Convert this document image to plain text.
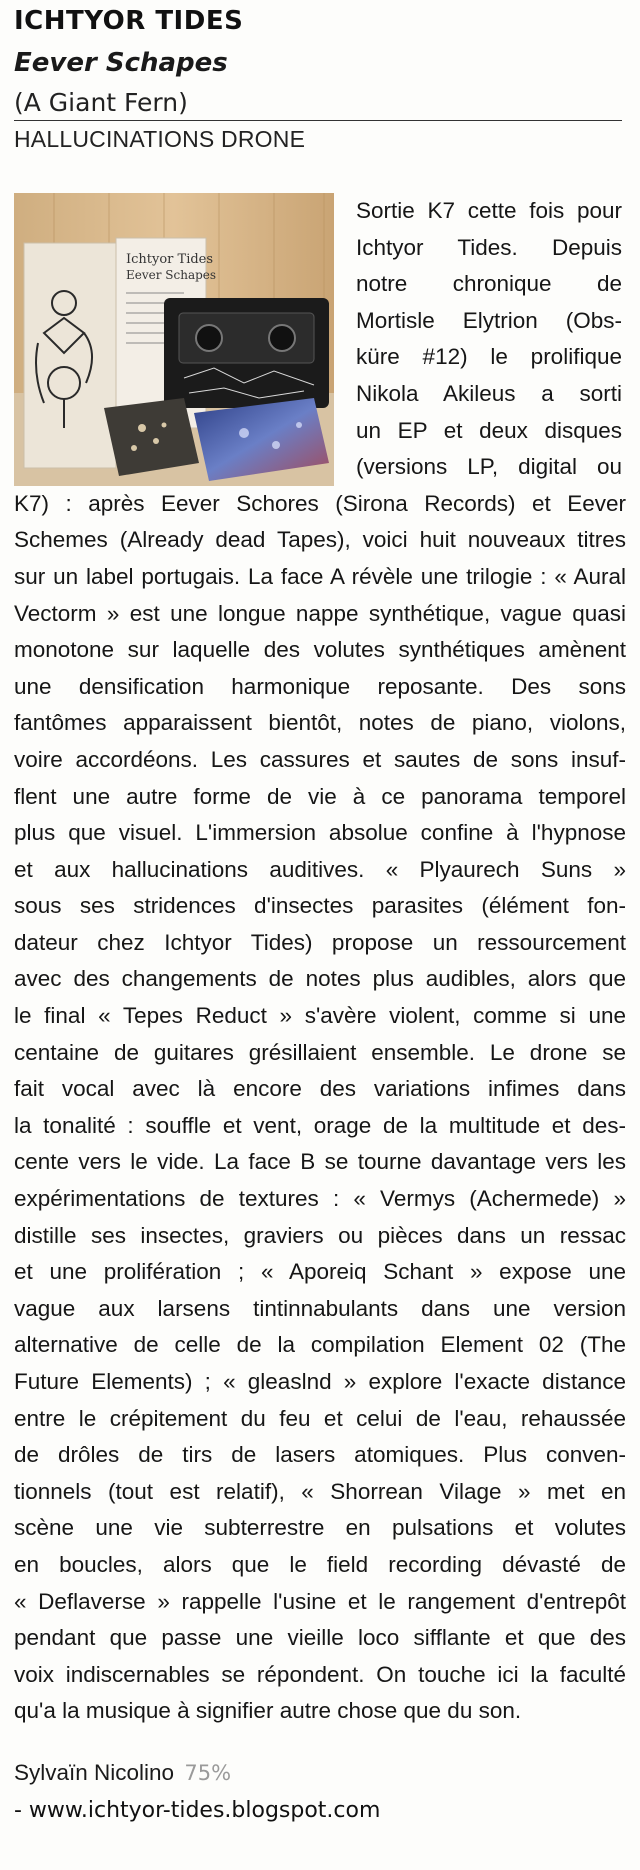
ICHTYOR TIDES
Eever Schapes
(A Giant Fern)
HALLUCINATIONS DRONE
Ichtyor Tides
Eever Schapes
Sortie K7 cette fois pour
Ichtyor Tides. Depuis
notre chronique de
Mortisle Elytrion (Obs-
küre #12) le prolifique
Nikola Akileus a sorti
un EP et deux disques
(versions LP, digital ou
K7) : après Eever Schores (Sirona Records) et Eever
Schemes (Already dead Tapes), voici huit nouveaux titres
sur un label portugais. La face A révèle une trilogie : « Aural
Vectorm » est une longue nappe synthétique, vague quasi
monotone sur laquelle des volutes synthétiques amènent
une densification harmonique reposante. Des sons
fantômes apparaissent bientôt, notes de piano, violons,
voire accordéons. Les cassures et sautes de sons insuf-
flent une autre forme de vie à ce panorama temporel
plus que visuel. L'immersion absolue confine à l'hypnose
et aux hallucinations auditives. « Plyaurech Suns »
sous ses stridences d'insectes parasites (élément fon-
dateur chez Ichtyor Tides) propose un ressourcement
avec des changements de notes plus audibles, alors que
le final « Tepes Reduct » s'avère violent, comme si une
centaine de guitares grésillaient ensemble. Le drone se
fait vocal avec là encore des variations infimes dans
la tonalité : souffle et vent, orage de la multitude et des-
cente vers le vide. La face B se tourne davantage vers les
expérimentations de textures : « Vermys (Achermede) »
distille ses insectes, graviers ou pièces dans un ressac
et une prolifération ; « Aporeiq Schant » expose une
vague aux larsens tintinnabulants dans une version
alternative de celle de la compilation Element 02 (The
Future Elements) ; « gleaslnd » explore l'exacte distance
entre le crépitement du feu et celui de l'eau, rehaussée
de drôles de tirs de lasers atomiques. Plus conven-
tionnels (tout est relatif), « Shorrean Vilage » met en
scène une vie subterrestre en pulsations et volutes
en boucles, alors que le field recording dévasté de
« Deflaverse » rappelle l'usine et le rangement d'entrepôt
pendant que passe une vieille loco sifflante et que des
voix indiscernables se répondent. On touche ici la faculté
qu'a la musique à signifier autre chose que du son.
Sylvaïn Nicolino 75%
- www.ichtyor-tides.blogspot.com
